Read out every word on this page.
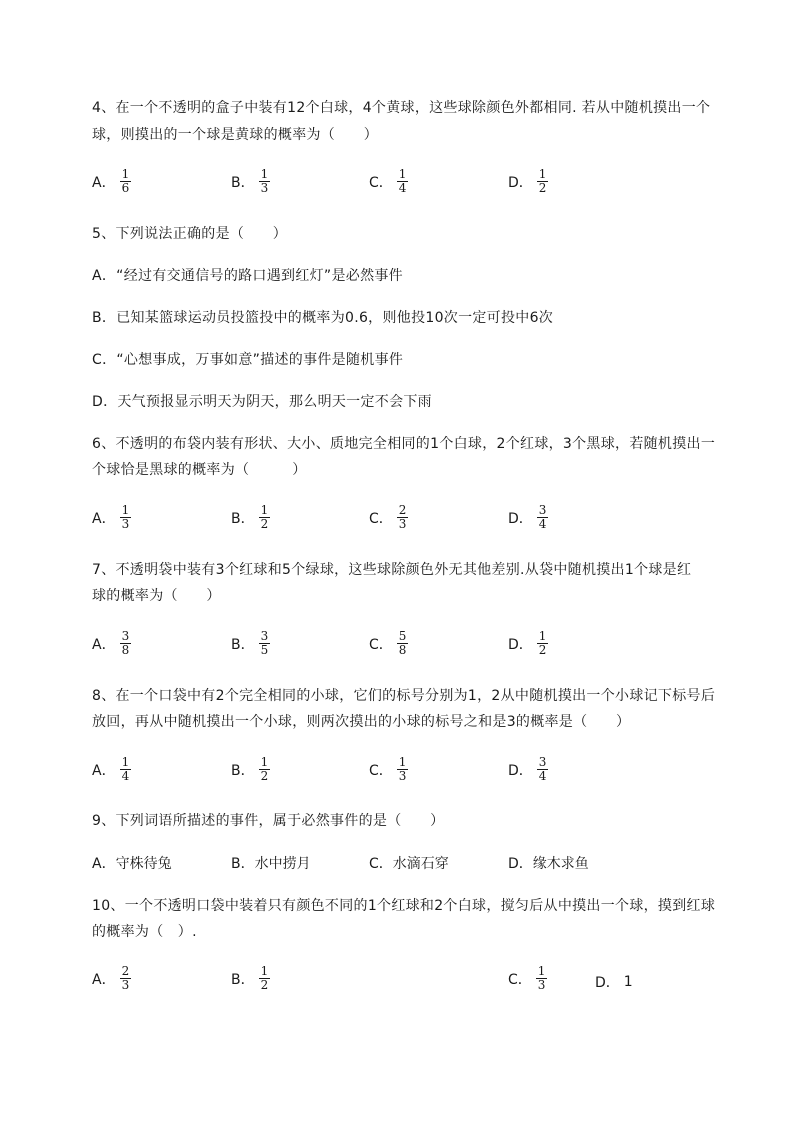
4、在一个不透明的盒子中装有12个白球，4个黄球，这些球除颜色外都相同. 若从中随机摸出一个
球，则摸出的一个球是黄球的概率为（　　）
A． $\frac{1}{6}$	B． $\frac{1}{3}$	C． $\frac{1}{4}$	D． $\frac{1}{2}$
5、下列说法正确的是（　　）
A．“经过有交通信号的路口遇到红灯”是必然事件
B．已知某篮球运动员投篮投中的概率为0.6，则他投10次一定可投中6次
C．“心想事成，万事如意”描述的事件是随机事件
D．天气预报显示明天为阴天，那么明天一定不会下雨
6、不透明的布袋内装有形状、大小、质地完全相同的1个白球，2个红球，3个黑球，若随机摸出一
个球恰是黑球的概率为（　　　）
A． $\frac{1}{3}$	B． $\frac{1}{2}$	C． $\frac{2}{3}$	D． $\frac{3}{4}$
7、不透明袋中装有3个红球和5个绿球，这些球除颜色外无其他差别.从袋中随机摸出1个球是红
球的概率为（　　）
A． $\frac{3}{8}$	B． $\frac{3}{5}$	C． $\frac{5}{8}$	D． $\frac{1}{2}$
8、在一个口袋中有2个完全相同的小球，它们的标号分别为1，2从中随机摸出一个小球记下标号后
放回，再从中随机摸出一个小球，则两次摸出的小球的标号之和是3的概率是（　　）
A． $\frac{1}{4}$	B． $\frac{1}{2}$	C． $\frac{1}{3}$	D． $\frac{3}{4}$
9、下列词语所描述的事件，属于必然事件的是（　　）
A．守株待兔	B．水中捞月	C．水滴石穿	D．缘木求鱼
10、一个不透明口袋中装着只有颜色不同的1个红球和2个白球，搅匀后从中摸出一个球，摸到红球
的概率为（　）.
A． $\frac{2}{3}$	B． $\frac{1}{2}$	C． $\frac{1}{3}$	D． 1
